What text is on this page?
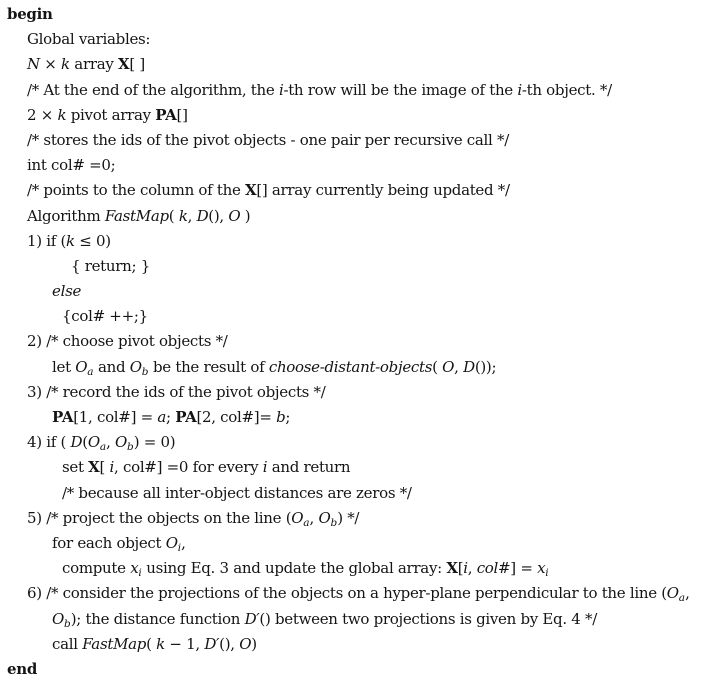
begin
Global variables:
N × k array X[ ]
/* At the end of the algorithm, the i-th row will be the image of the i-th object. */
2 × k pivot array PA[]
/* stores the ids of the pivot objects - one pair per recursive call */
int col# =0;
/* points to the column of the X[] array currently being updated */
Algorithm FastMap( k, D(), O )
1) if (k ≤ 0)
{ return; }
else
{col# ++;}
2) /* choose pivot objects */
let $O_a$ and $O_b$ be the result of choose-distant-objects( O, D());
3) /* record the ids of the pivot objects */
PA[1, col#] = a; PA[2, col#]= b;
4) if ( $D(O_a$, $O_b) = 0$)
set X[ i, col#] =0 for every i and return
/* because all inter-object distances are zeros */
5) /* project the objects on the line ($O_a$, $O_b$) */
for each object $O_i$,
compute $x_i$ using Eq. 3 and update the global array: X[i, col#] = $x_i$
6) /* consider the projections of the objects on a hyper-plane perpendicular to the line ($O_a$,
$O_b$); the distance function D′() between two projections is given by Eq. 4 */
call FastMap( k − 1, D′(), O)
end
